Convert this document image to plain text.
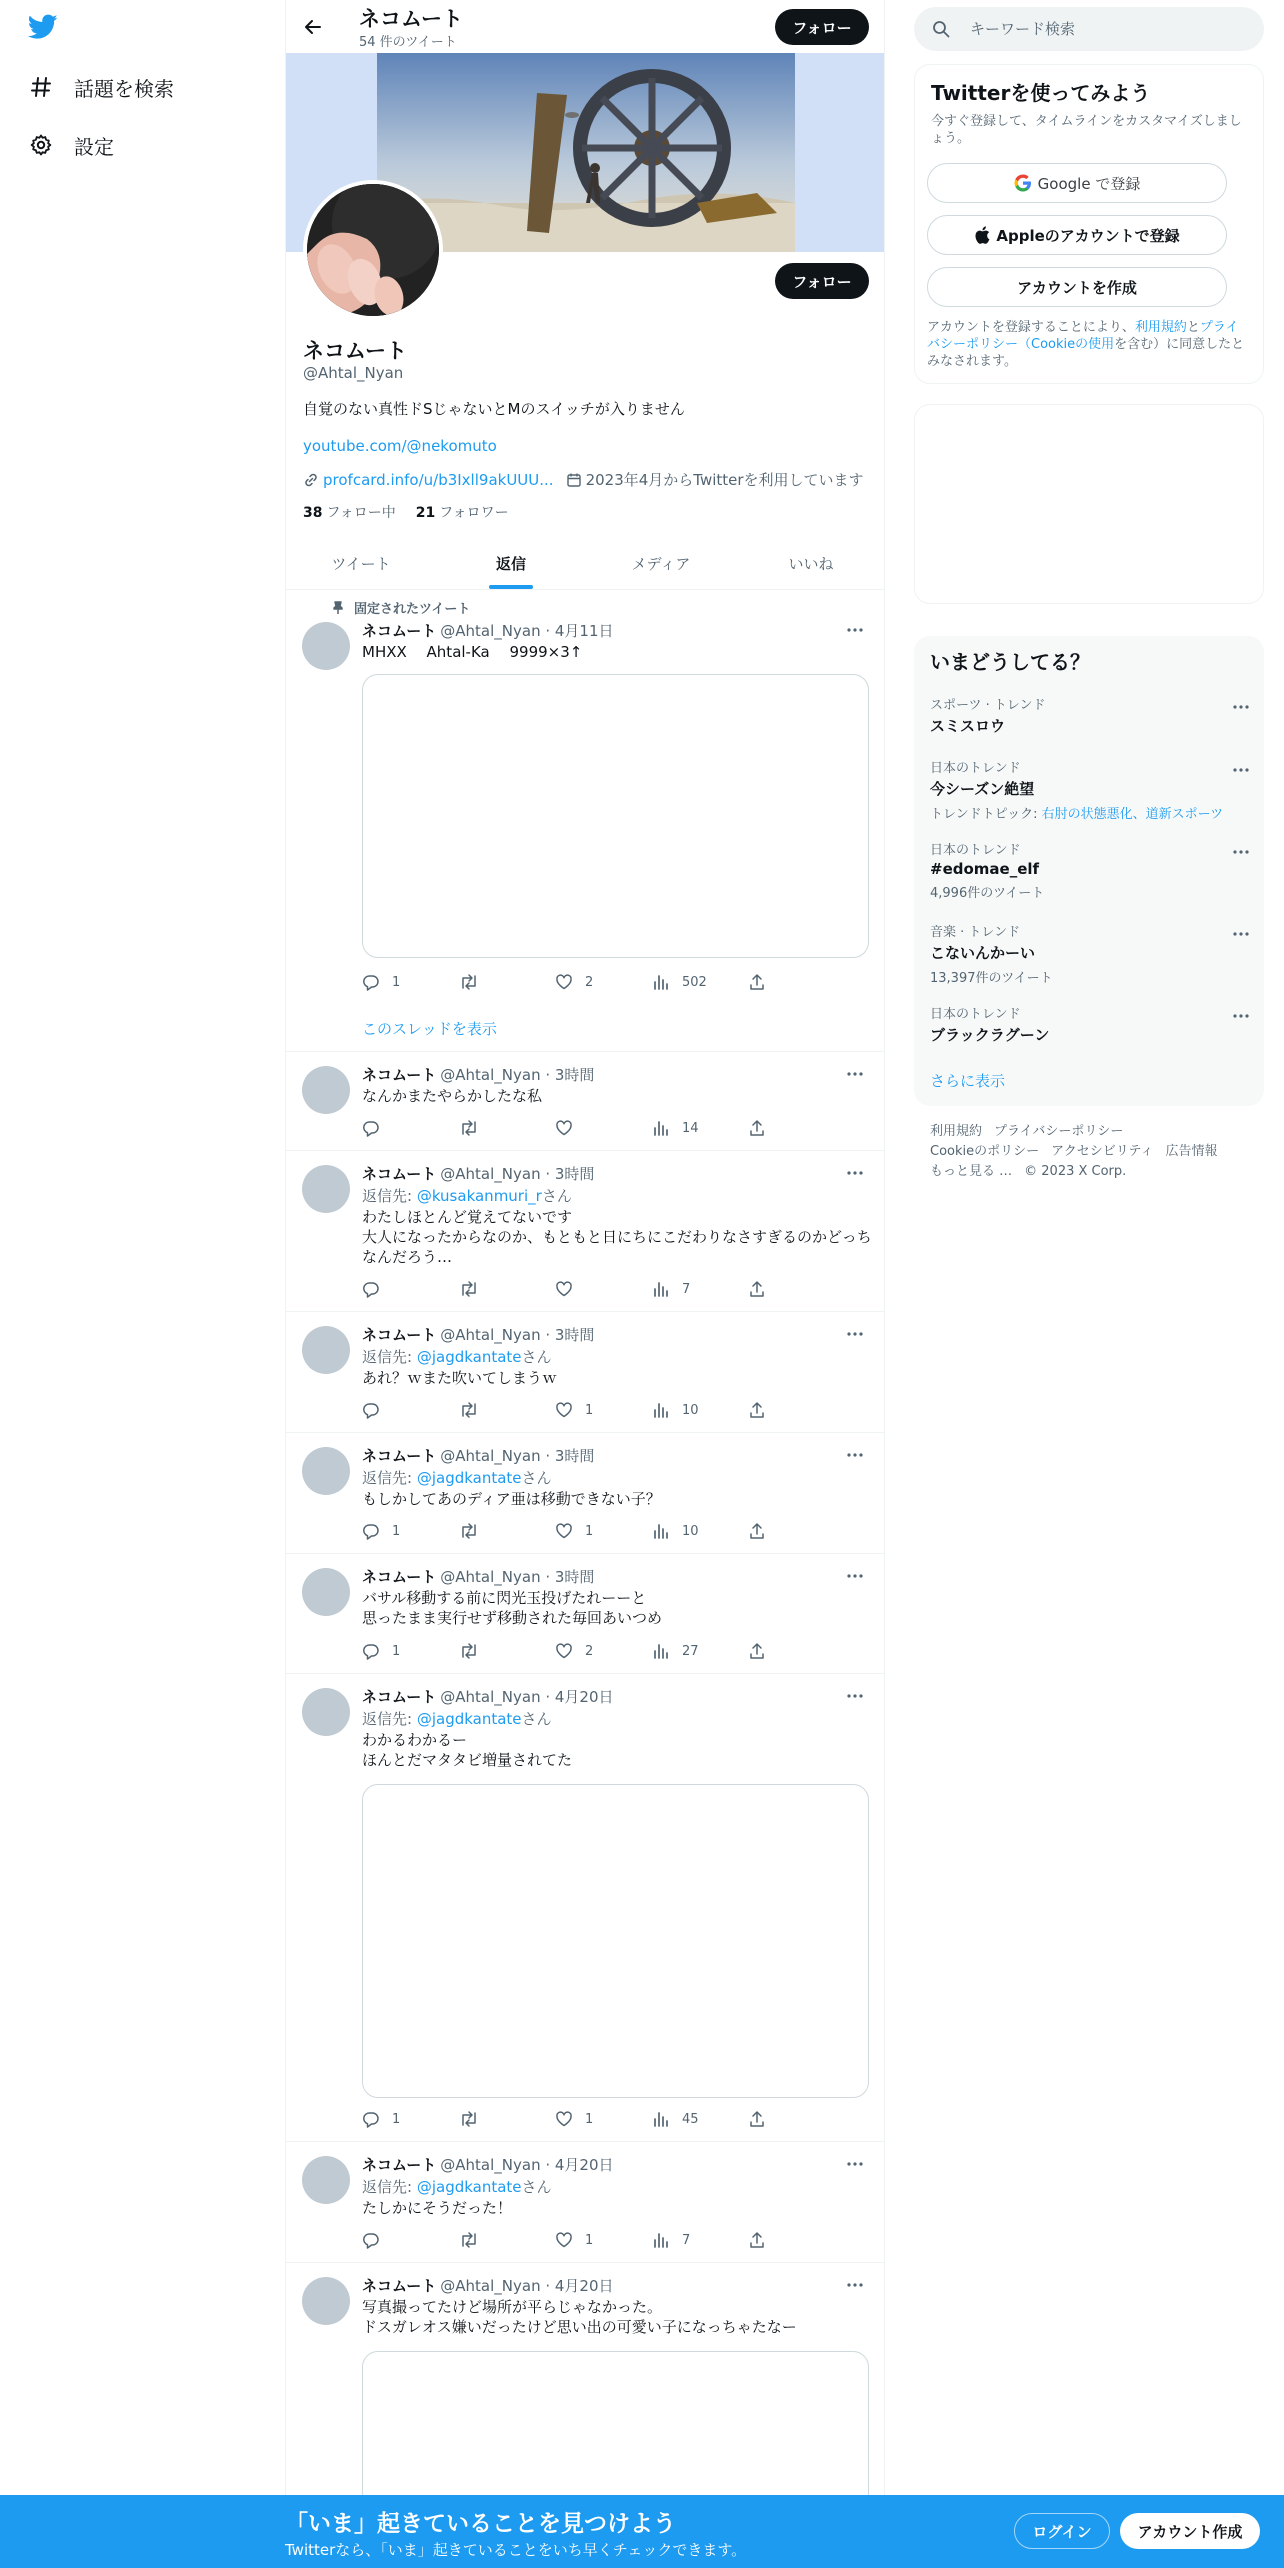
話題を検索
設定
ネコムート
54 件のツイート
フォロー
フォロー
ネコムート
@Ahtal_Nyan
自覚のない真性ドSじゃないとMのスイッチが入りません
youtube.com/@nekomuto
profcard.info/u/b3Ixll9akUUU... 2023年4月からTwitterを利用しています
38 フォロー中 21 フォロワー
ツイート	返信	メディア	いいね
固定されたツイート
ネコムート @Ahtal_Nyan · 4月11日
MHXX　 Ahtal-Ka　 9999×3↑
1	2	502
このスレッドを表示
ネコムート @Ahtal_Nyan · 3時間
なんかまたやらかしたな私
14
ネコムート @Ahtal_Nyan · 3時間
返信先: @kusakanmuri_rさん
わたしほとんど覚えてないです
大人になったからなのか、もともと日にちにこだわりなさすぎるのかどっちなんだろう…
7
ネコムート @Ahtal_Nyan · 3時間
返信先: @jagdkantateさん
あれ？ｗまた吹いてしまうｗ
1	10
ネコムート @Ahtal_Nyan · 3時間
返信先: @jagdkantateさん
もしかしてあのディア亜は移動できない子？
1	1	10
ネコムート @Ahtal_Nyan · 3時間
バサル移動する前に閃光玉投げたれーーと
思ったまま実行せず移動された毎回あいつめ
1	2	27
ネコムート @Ahtal_Nyan · 4月20日
返信先: @jagdkantateさん
わかるわかるー
ほんとだマタタビ増量されてた
1	1	45
ネコムート @Ahtal_Nyan · 4月20日
返信先: @jagdkantateさん
たしかにそうだった！
1	7
ネコムート @Ahtal_Nyan · 4月20日
写真撮ってたけど場所が平らじゃなかった。
ドスガレオス嫌いだったけど思い出の可愛い子になっちゃたなー
キーワード検索
Twitterを使ってみよう
今すぐ登録して、タイムラインをカスタマイズしましょう。
Google で登録
Appleのアカウントで登録
アカウントを作成
アカウントを登録することにより、利用規約とプライバシーポリシー（Cookieの使用を含む）に同意したとみなされます。
いまどうしてる？
スポーツ · トレンド
スミスロウ
日本のトレンド
今シーズン絶望
トレンドトピック: 右肘の状態悪化、道新スポーツ
日本のトレンド
#edomae_elf
4,996件のツイート
音楽 · トレンド
こないんかーい
13,397件のツイート
日本のトレンド
ブラックラグーン
さらに表示
利用規約 プライバシーポリシー
Cookieのポリシー アクセシビリティ 広告情報
もっと見る … © 2023 X Corp.
「いま」起きていることを見つけよう
Twitterなら、「いま」起きていることをいち早くチェックできます。
ログイン	アカウント作成
